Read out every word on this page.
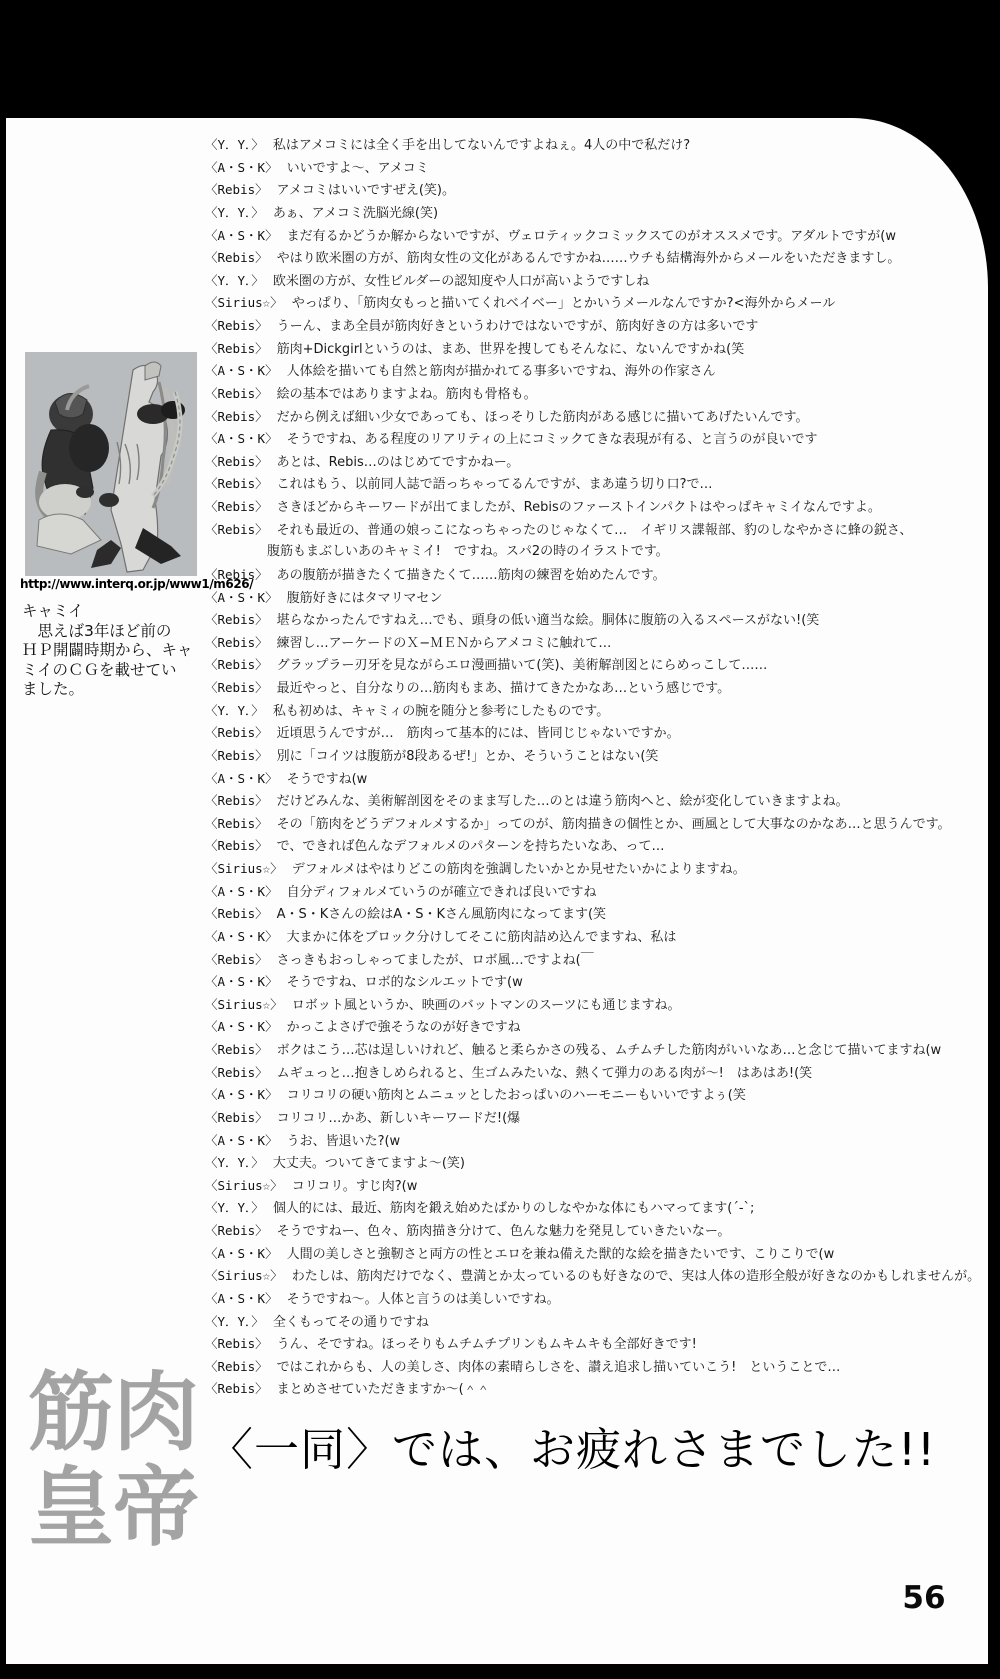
〈Y．Y．〉 私はアメコミには全く手を出してないんですよねぇ。4人の中で私だけ?
〈A・S・K〉 いいですよ〜、アメコミ
〈Rebis〉 アメコミはいいですぜえ(笑)。
〈Y．Y．〉 あぁ、アメコミ洗脳光線(笑)
〈A・S・K〉 まだ有るかどうか解からないですが、ヴェロティックコミックスてのがオススメです。アダルトですが(w
〈Rebis〉 やはり欧米圏の方が、筋肉女性の文化があるんですかね……ウチも結構海外からメールをいただきますし。
〈Y．Y．〉 欧米圏の方が、女性ビルダーの認知度や人口が高いようですしね
〈Sirius☆〉 やっぱり、「筋肉女もっと描いてくれベイベー」とかいうメールなんですか?<海外からメール
〈Rebis〉 うーん、まあ全員が筋肉好きというわけではないですが、筋肉好きの方は多いです
〈Rebis〉 筋肉+Dickgirlというのは、まあ、世界を捜してもそんなに、ないんですかね(笑
〈A・S・K〉 人体絵を描いても自然と筋肉が描かれてる事多いですね、海外の作家さん
〈Rebis〉 絵の基本ではありますよね。筋肉も骨格も。
〈Rebis〉 だから例えば細い少女であっても、ほっそりした筋肉がある感じに描いてあげたいんです。
〈A・S・K〉 そうですね、ある程度のリアリティの上にコミックてきな表現が有る、と言うのが良いです
〈Rebis〉 あとは、Rebis…のはじめてですかねー。
〈Rebis〉 これはもう、以前同人誌で語っちゃってるんですが、まあ違う切り口?で…
〈Rebis〉 さきほどからキーワードが出てましたが、Rebisのファーストインパクトはやっぱキャミイなんですよ。
〈Rebis〉 それも最近の、普通の娘っこになっちゃったのじゃなくて…　イギリス諜報部、豹のしなやかさに蜂の鋭さ、
腹筋もまぶしいあのキャミイ!　ですね。スパ2の時のイラストです。
〈Rebis〉 あの腹筋が描きたくて描きたくて……筋肉の練習を始めたんです。
〈A・S・K〉 腹筋好きにはタマリマセン
〈Rebis〉 堪らなかったんですねえ…でも、頭身の低い適当な絵。胴体に腹筋の入るスペースがない!(笑
〈Rebis〉 練習し…アーケードのＸ−ＭＥＮからアメコミに触れて…
〈Rebis〉 グラップラー刃牙を見ながらエロ漫画描いて(笑)、美術解剖図とにらめっこして……
〈Rebis〉 最近やっと、自分なりの…筋肉もまあ、描けてきたかなあ…という感じです。
〈Y．Y．〉 私も初めは、キャミィの腕を随分と参考にしたものです。
〈Rebis〉 近頃思うんですが…　筋肉って基本的には、皆同じじゃないですか。
〈Rebis〉 別に「コイツは腹筋が8段あるぜ!」とか、そういうことはない(笑
〈A・S・K〉 そうですね(w
〈Rebis〉 だけどみんな、美術解剖図をそのまま写した…のとは違う筋肉へと、絵が変化していきますよね。
〈Rebis〉 その「筋肉をどうデフォルメするか」ってのが、筋肉描きの個性とか、画風として大事なのかなあ…と思うんです。
〈Rebis〉 で、できれば色んなデフォルメのパターンを持ちたいなあ、って…
〈Sirius☆〉 デフォルメはやはりどこの筋肉を強調したいかとか見せたいかによりますね。
〈A・S・K〉 自分ディフォルメていうのが確立できれば良いですね
〈Rebis〉 A・S・Kさんの絵はA・S・Kさん風筋肉になってます(笑
〈A・S・K〉 大まかに体をブロック分けしてそこに筋肉詰め込んでますね、私は
〈Rebis〉 さっきもおっしゃってましたが、ロボ風…ですよね(￣
〈A・S・K〉 そうですね、ロボ的なシルエットです(w
〈Sirius☆〉 ロボット風というか、映画のバットマンのスーツにも通じますね。
〈A・S・K〉 かっこよさげで強そうなのが好きですね
〈Rebis〉 ボクはこう…芯は逞しいけれど、触ると柔らかさの残る、ムチムチした筋肉がいいなあ…と念じて描いてますね(w
〈Rebis〉 ムギュっと…抱きしめられると、生ゴムみたいな、熱くて弾力のある肉が〜!　はあはあ!(笑
〈A・S・K〉 コリコリの硬い筋肉とムニュッとしたおっぱいのハーモニーもいいですよぅ(笑
〈Rebis〉 コリコリ…かあ、新しいキーワードだ!(爆
〈A・S・K〉 うお、皆退いた?(w
〈Y．Y．〉 大丈夫。ついてきてますよ〜(笑)
〈Sirius☆〉 コリコリ。すじ肉?(w
〈Y．Y．〉 個人的には、最近、筋肉を鍛え始めたばかりのしなやかな体にもハマってます(´-`;
〈Rebis〉 そうですねー、色々、筋肉描き分けて、色んな魅力を発見していきたいなー。
〈A・S・K〉 人間の美しさと強靭さと両方の性とエロを兼ね備えた獣的な絵を描きたいです、こりこりで(w
〈Sirius☆〉 わたしは、筋肉だけでなく、豊満とか太っているのも好きなので、実は人体の造形全般が好きなのかもしれませんが。
〈A・S・K〉 そうですね〜。人体と言うのは美しいですね。
〈Y．Y．〉 全くもってその通りですね
〈Rebis〉 うん、そですね。ほっそりもムチムチプリンもムキムキも全部好きです!
〈Rebis〉 ではこれからも、人の美しさ、肉体の素晴らしさを、讃え追求し描いていこう!　ということで…
〈Rebis〉 まとめさせていただきますか〜(＾＾
http://www.interq.or.jp/www1/m626/
キャミイ
　思えば3年ほど前の
ＨＰ開闢時期から、キャ
ミイのＣＧを載せてい
ました。
筋 肉
皇 帝
〈一同〉では、お疲れさまでした!!
56
